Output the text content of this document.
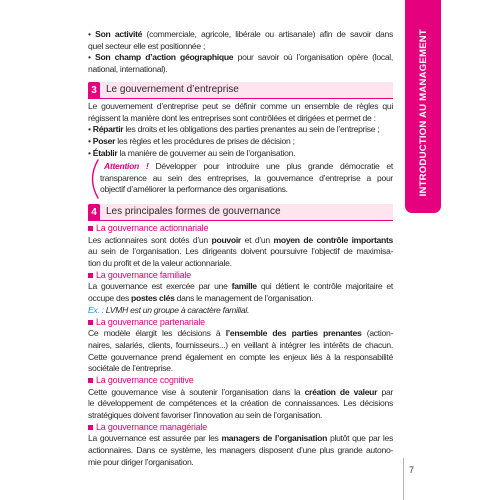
INTRODUCTION AU MANAGEMENT
• Son activité (commerciale, agricole, libérale ou artisanale) afin de savoir dans
quel secteur elle est positionnée ;
• Son champ d’action géographique pour savoir où l’organisation opère (local,
national, international).
3 Le gouvernement d’entreprise
Le gouvernement d’entreprise peut se définir comme un ensemble de règles qui
régissent la manière dont les entreprises sont contrôlées et dirigées et permet de :
• Répartir les droits et les obligations des parties prenantes au sein de l’entreprise ;
• Poser les règles et les procédures de prises de décision ;
• Établir la manière de gouverner au sein de l’organisation.
Attention ! Développer pour introduire une plus grande démocratie et
transparence au sein des entreprises, la gouvernance d’entreprise a pour
objectif d’améliorer la performance des organisations.
4 Les principales formes de gouvernance
La gouvernance actionnariale
Les actionnaires sont dotés d’un pouvoir et d’un moyen de contrôle importants
au sein de l’organisation. Les dirigeants doivent poursuivre l’objectif de maximisa-
tion du profit et de la valeur actionnariale.
La gouvernance familiale
La gouvernance est exercée par une famille qui détient le contrôle majoritaire et
occupe des postes clés dans le management de l’organisation.
Ex. : LVMH est un groupe à caractère familial.
La gouvernance partenariale
Ce modèle élargit les décisions à l’ensemble des parties prenantes (action-
naires, salariés, clients, fournisseurs...) en veillant à intégrer les intérêts de chacun.
Cette gouvernance prend également en compte les enjeux liés à la responsabilité
sociétale de l’entreprise.
La gouvernance cognitive
Cette gouvernance vise à soutenir l’organisation dans la création de valeur par
le développement de compétences et la création de connaissances. Les décisions
stratégiques doivent favoriser l’innovation au sein de l’organisation.
La gouvernance managériale
La gouvernance est assurée par les managers de l’organisation plutôt que par les
actionnaires. Dans ce système, les managers disposent d’une plus grande autono-
mie pour diriger l’organisation.
7
